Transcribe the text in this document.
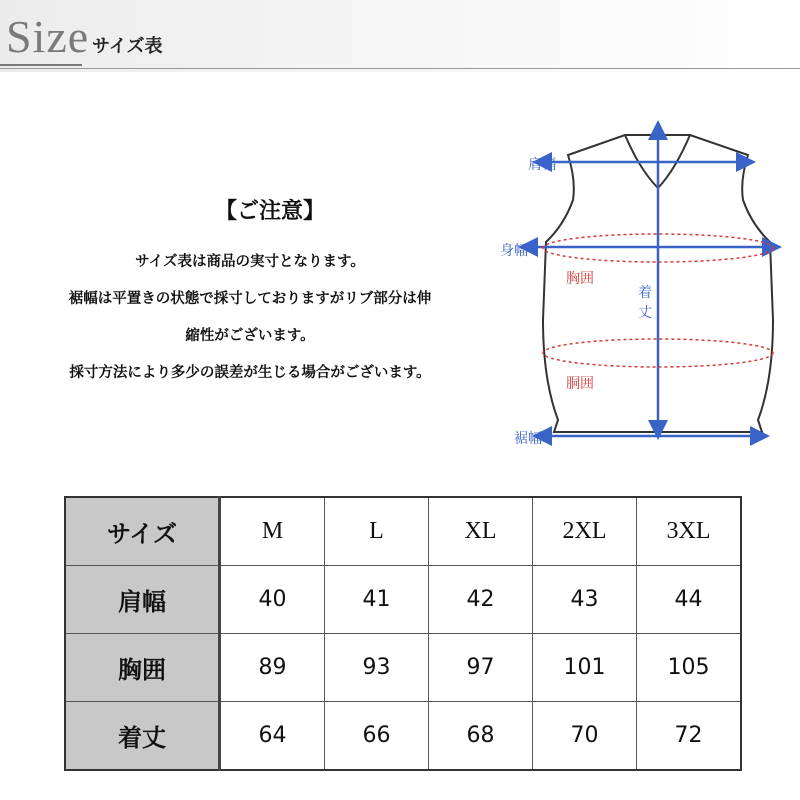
Size サイズ表
【ご注意】
サイズ表は商品の実寸となります。
裾幅は平置きの状態で採寸しておりますがリブ部分は伸
縮性がございます。
採寸方法により多少の誤差が生じる場合がございます。
肩幅
身幅
胸囲
着
丈
胴囲
裾幅
サイズ	M	L	XL	2XL	3XL
肩幅	40	41	42	43	44
胸囲	89	93	97	101	105
着丈	64	66	68	70	72
